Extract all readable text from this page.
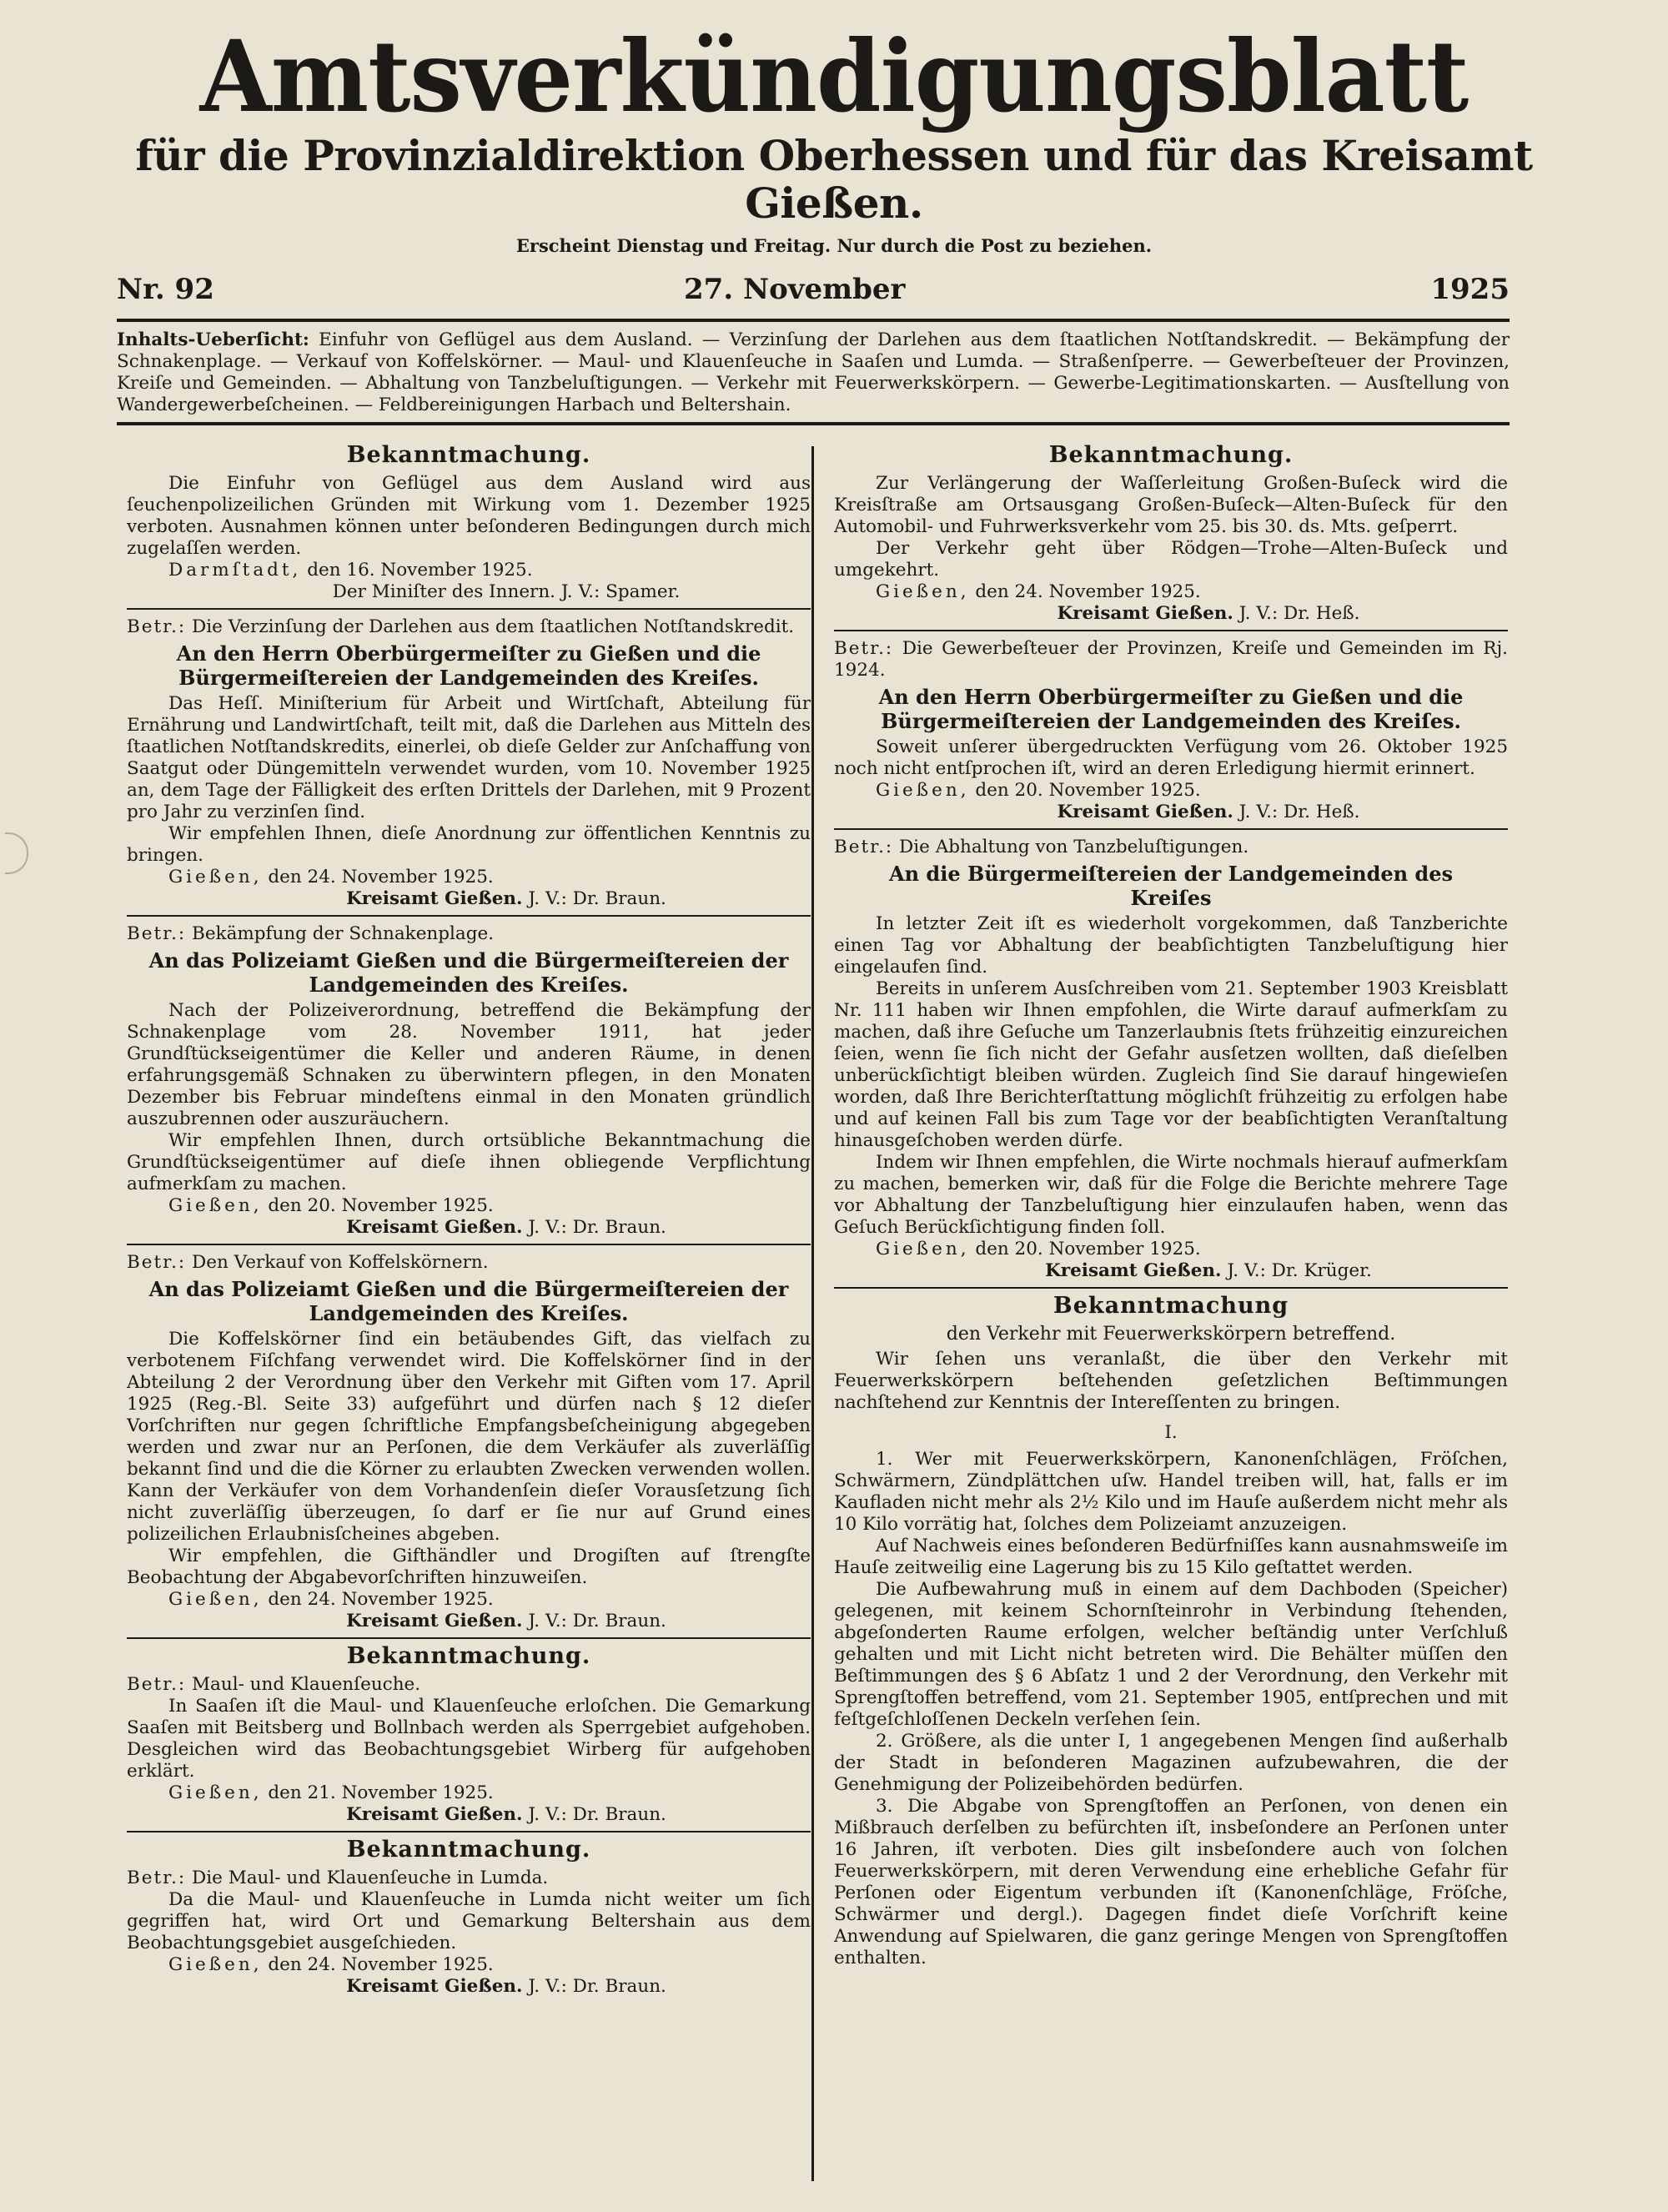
Amtsverkündigungsblatt
für die Provinzialdirektion Oberhessen und für das Kreisamt Gießen.
Erscheint Dienstag und Freitag. Nur durch die Post zu beziehen.
Nr. 92	27. November	1925
Inhalts-Ueberſicht: Einfuhr von Geflügel aus dem Ausland. — Verzinſung der Darlehen aus dem ſtaatlichen Notſtandskredit. — Bekämpfung der Schnakenplage. — Verkauf von Koffelskörner. — Maul- und Klauenſeuche in Saaſen und Lumda. — Straßenſperre. — Gewerbeſteuer der Provinzen, Kreiſe und Gemeinden. — Abhaltung von Tanzbeluſtigungen. — Verkehr mit Feuerwerkskörpern. — Gewerbe-Legitimationskarten. — Ausſtellung von Wandergewerbeſcheinen. — Feldbereinigungen Harbach und Beltershain.
Bekanntmachung.

Die Einfuhr von Geflügel aus dem Ausland wird aus ſeuchenpolizeilichen Gründen mit Wirkung vom 1. Dezember 1925 verboten. Ausnahmen können unter beſonderen Bedingungen durch mich zugelaſſen werden.

Darmſtadt, den 16. November 1925.

Der Miniſter des Innern. J. V.: Spamer.

Betr.: Die Verzinſung der Darlehen aus dem ſtaatlichen Notſtandskredit.

An den Herrn Oberbürgermeiſter zu Gießen und die Bürgermeiſtereien der Landgemeinden des Kreiſes.

Das Heſſ. Miniſterium für Arbeit und Wirtſchaft, Abteilung für Ernährung und Landwirtſchaft, teilt mit, daß die Darlehen aus Mitteln des ſtaatlichen Notſtandskredits, einerlei, ob dieſe Gelder zur Anſchaffung von Saatgut oder Düngemitteln verwendet wurden, vom 10. November 1925 an, dem Tage der Fälligkeit des erſten Drittels der Darlehen, mit 9 Prozent pro Jahr zu verzinſen ſind.

Wir empfehlen Ihnen, dieſe Anordnung zur öffentlichen Kenntnis zu bringen.

Gießen, den 24. November 1925.

Kreisamt Gießen. J. V.: Dr. Braun.

Betr.: Bekämpfung der Schnakenplage.

An das Polizeiamt Gießen und die Bürgermeiſtereien der Landgemeinden des Kreiſes.

Nach der Polizeiverordnung, betreffend die Bekämpfung der Schnakenplage vom 28. November 1911, hat jeder Grundſtückseigentümer die Keller und anderen Räume, in denen erfahrungsgemäß Schnaken zu überwintern pflegen, in den Monaten Dezember bis Februar mindeſtens einmal in den Monaten gründlich auszubrennen oder auszuräuchern.

Wir empfehlen Ihnen, durch ortsübliche Bekanntmachung die Grundſtückseigentümer auf dieſe ihnen obliegende Verpflichtung aufmerkſam zu machen.

Gießen, den 20. November 1925.

Kreisamt Gießen. J. V.: Dr. Braun.

Betr.: Den Verkauf von Koffelskörnern.

An das Polizeiamt Gießen und die Bürgermeiſtereien der Landgemeinden des Kreiſes.

Die Koffelskörner ſind ein betäubendes Gift, das vielfach zu verbotenem Fiſchfang verwendet wird. Die Koffelskörner ſind in der Abteilung 2 der Verordnung über den Verkehr mit Giften vom 17. April 1925 (Reg.-Bl. Seite 33) aufgeführt und dürfen nach § 12 dieſer Vorſchriften nur gegen ſchriftliche Empfangsbeſcheinigung abgegeben werden und zwar nur an Perſonen, die dem Verkäufer als zuverläſſig bekannt ſind und die die Körner zu erlaubten Zwecken verwenden wollen. Kann der Verkäufer von dem Vorhandenſein dieſer Vorausſetzung ſich nicht zuverläſſig überzeugen, ſo darf er ſie nur auf Grund eines polizeilichen Erlaubnisſcheines abgeben.

Wir empfehlen, die Gifthändler und Drogiſten auf ſtrengſte Beobachtung der Abgabevorſchriften hinzuweiſen.

Gießen, den 24. November 1925.

Kreisamt Gießen. J. V.: Dr. Braun.

Bekanntmachung.

Betr.: Maul- und Klauenſeuche.

In Saaſen iſt die Maul- und Klauenſeuche erloſchen. Die Gemarkung Saaſen mit Beitsberg und Bollnbach werden als Sperrgebiet aufgehoben. Desgleichen wird das Beobachtungsgebiet Wirberg für aufgehoben erklärt.

Gießen, den 21. November 1925.

Kreisamt Gießen. J. V.: Dr. Braun.

Bekanntmachung.

Betr.: Die Maul- und Klauenſeuche in Lumda.

Da die Maul- und Klauenſeuche in Lumda nicht weiter um ſich gegriffen hat, wird Ort und Gemarkung Beltershain aus dem Beobachtungsgebiet ausgeſchieden.

Gießen, den 24. November 1925.

Kreisamt Gießen. J. V.: Dr. Braun.

Bekanntmachung.

Zur Verlängerung der Waſſerleitung Großen-Buſeck wird die Kreisſtraße am Ortsausgang Großen-Buſeck—Alten-Buſeck für den Automobil- und Fuhrwerksverkehr vom 25. bis 30. ds. Mts. geſperrt.

Der Verkehr geht über Rödgen—Trohe—Alten-Buſeck und umgekehrt.

Gießen, den 24. November 1925.

Kreisamt Gießen. J. V.: Dr. Heß.

Betr.: Die Gewerbeſteuer der Provinzen, Kreiſe und Gemeinden im Rj. 1924.

An den Herrn Oberbürgermeiſter zu Gießen und die Bürgermeiſtereien der Landgemeinden des Kreiſes.

Soweit unſerer übergedruckten Verfügung vom 26. Oktober 1925 noch nicht entſprochen iſt, wird an deren Erledigung hiermit erinnert.

Gießen, den 20. November 1925.

Kreisamt Gießen. J. V.: Dr. Heß.

Betr.: Die Abhaltung von Tanzbeluſtigungen.

An die Bürgermeiſtereien der Landgemeinden des Kreiſes

In letzter Zeit iſt es wiederholt vorgekommen, daß Tanzberichte einen Tag vor Abhaltung der beabſichtigten Tanzbeluſtigung hier eingelaufen ſind.

Bereits in unſerem Ausſchreiben vom 21. September 1903 Kreisblatt Nr. 111 haben wir Ihnen empfohlen, die Wirte darauf aufmerkſam zu machen, daß ihre Geſuche um Tanzerlaubnis ſtets frühzeitig einzureichen ſeien, wenn ſie ſich nicht der Gefahr ausſetzen wollten, daß dieſelben unberückſichtigt bleiben würden. Zugleich ſind Sie darauf hingewieſen worden, daß Ihre Berichterſtattung möglichſt frühzeitig zu erfolgen habe und auf keinen Fall bis zum Tage vor der beabſichtigten Veranſtaltung hinausgeſchoben werden dürfe.

Indem wir Ihnen empfehlen, die Wirte nochmals hierauf aufmerkſam zu machen, bemerken wir, daß für die Folge die Berichte mehrere Tage vor Abhaltung der Tanzbeluſtigung hier einzulaufen haben, wenn das Geſuch Berückſichtigung finden ſoll.

Gießen, den 20. November 1925.

Kreisamt Gießen. J. V.: Dr. Krüger.

Bekanntmachung
den Verkehr mit Feuerwerkskörpern betreffend.

Wir ſehen uns veranlaßt, die über den Verkehr mit Feuerwerkskörpern beſtehenden geſetzlichen Beſtimmungen nachſtehend zur Kenntnis der Intereſſenten zu bringen.

I.

1. Wer mit Feuerwerkskörpern, Kanonenſchlägen, Fröſchen, Schwärmern, Zündplättchen uſw. Handel treiben will, hat, falls er im Kaufladen nicht mehr als 2½ Kilo und im Hauſe außerdem nicht mehr als 10 Kilo vorrätig hat, ſolches dem Polizeiamt anzuzeigen.

Auf Nachweis eines beſonderen Bedürfniſſes kann ausnahmsweiſe im Hauſe zeitweilig eine Lagerung bis zu 15 Kilo geſtattet werden.

Die Aufbewahrung muß in einem auf dem Dachboden (Speicher) gelegenen, mit keinem Schornſteinrohr in Verbindung ſtehenden, abgeſonderten Raume erfolgen, welcher beſtändig unter Verſchluß gehalten und mit Licht nicht betreten wird. Die Behälter müſſen den Beſtimmungen des § 6 Abſatz 1 und 2 der Verordnung, den Verkehr mit Sprengſtoffen betreffend, vom 21. September 1905, entſprechen und mit feſtgeſchloſſenen Deckeln verſehen ſein.

2. Größere, als die unter I, 1 angegebenen Mengen ſind außerhalb der Stadt in beſonderen Magazinen aufzubewahren, die der Genehmigung der Polizeibehörden bedürfen.

3. Die Abgabe von Sprengſtoffen an Perſonen, von denen ein Mißbrauch derſelben zu befürchten iſt, insbeſondere an Perſonen unter 16 Jahren, iſt verboten. Dies gilt insbeſondere auch von ſolchen Feuerwerkskörpern, mit deren Verwendung eine erhebliche Gefahr für Perſonen oder Eigentum verbunden iſt (Kanonenſchläge, Fröſche, Schwärmer und dergl.). Dagegen findet dieſe Vorſchrift keine Anwendung auf Spielwaren, die ganz geringe Mengen von Sprengſtoffen enthalten.
